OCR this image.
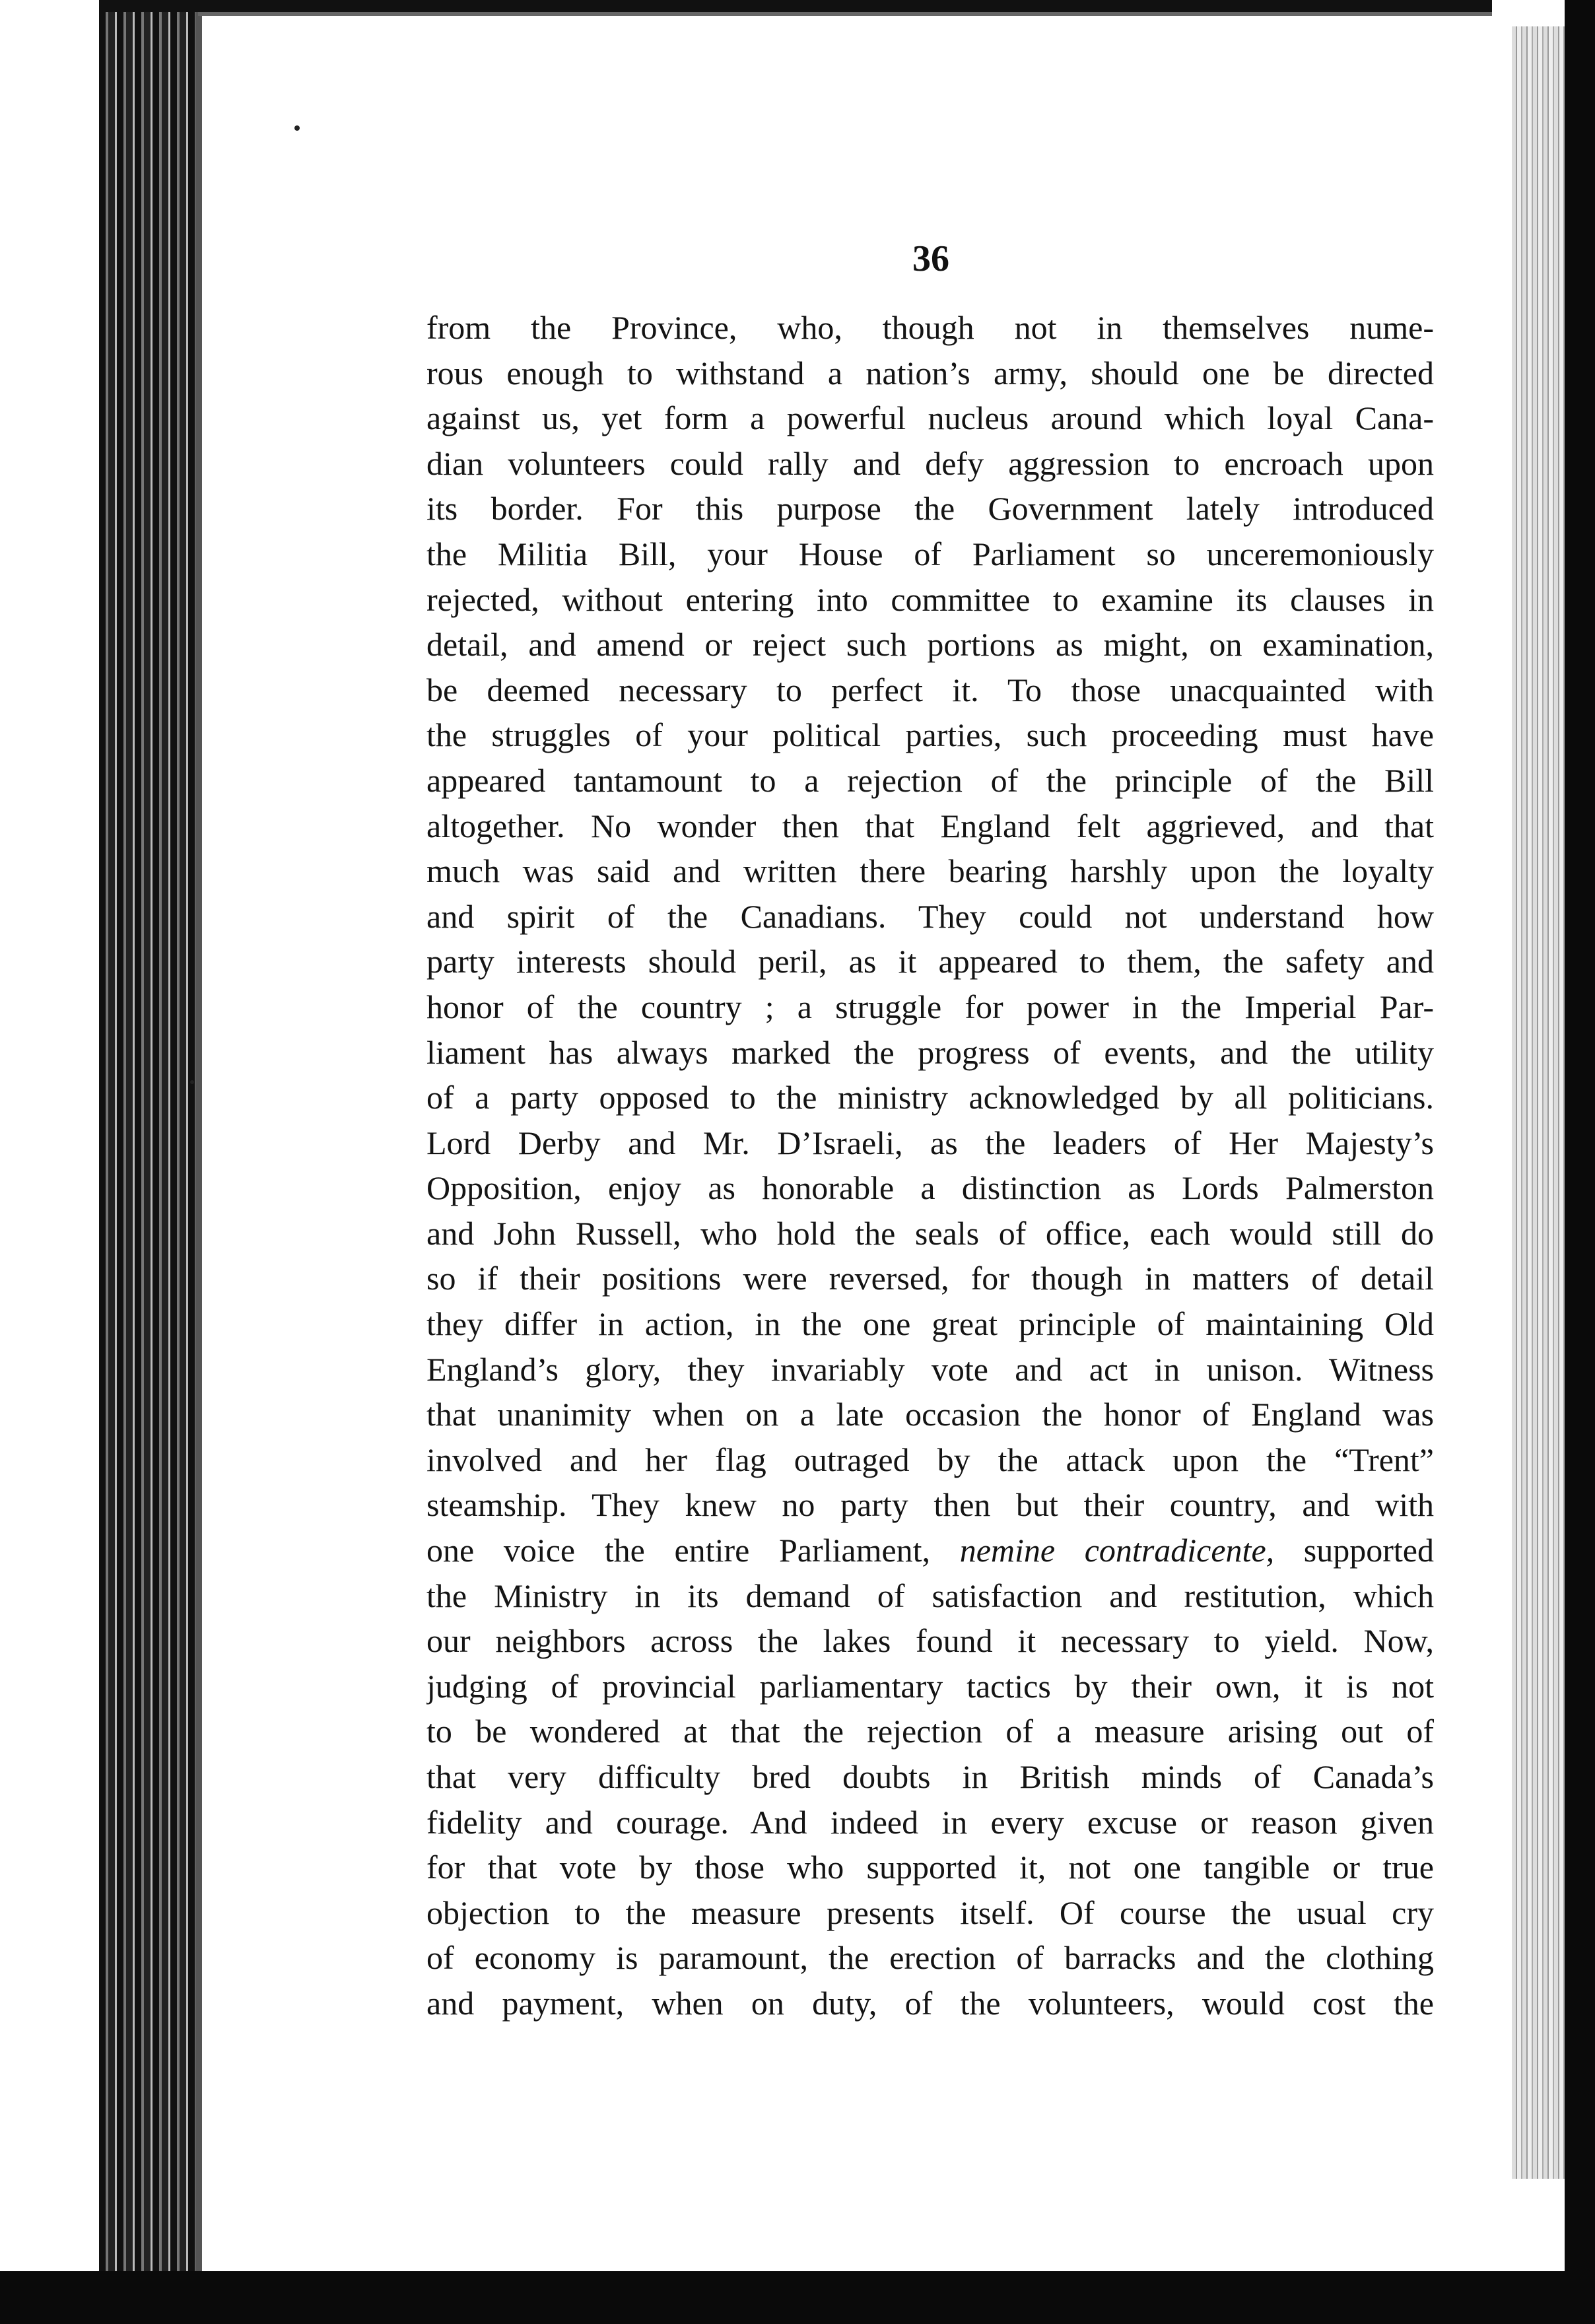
36
from the Province, who, though not in themselves nume-
rous enough to withstand a nation’s army, should one be directed
against us, yet form a powerful nucleus around which loyal Cana-
dian volunteers could rally and defy aggression to encroach upon
its border. For this purpose the Government lately introduced
the Militia Bill, your House of Parliament so unceremoniously
rejected, without entering into committee to examine its clauses in
detail, and amend or reject such portions as might, on examination,
be deemed necessary to perfect it. To those unacquainted with
the struggles of your political parties, such proceeding must have
appeared tantamount to a rejection of the principle of the Bill
altogether. No wonder then that England felt aggrieved, and that
much was said and written there bearing harshly upon the loyalty
and spirit of the Canadians. They could not understand how
party interests should peril, as it appeared to them, the safety and
honor of the country ; a struggle for power in the Imperial Par-
liament has always marked the progress of events, and the utility
of a party opposed to the ministry acknowledged by all politicians.
Lord Derby and Mr. D’Israeli, as the leaders of Her Majesty’s
Opposition, enjoy as honorable a distinction as Lords Palmerston
and John Russell, who hold the seals of office, each would still do
so if their positions were reversed, for though in matters of detail
they differ in action, in the one great principle of maintaining Old
England’s glory, they invariably vote and act in unison. Witness
that unanimity when on a late occasion the honor of England was
involved and her flag outraged by the attack upon the “Trent”
steamship. They knew no party then but their country, and with
one voice the entire Parliament, nemine contradicente, supported
the Ministry in its demand of satisfaction and restitution, which
our neighbors across the lakes found it necessary to yield. Now,
judging of provincial parliamentary tactics by their own, it is not
to be wondered at that the rejection of a measure arising out of
that very difficulty bred doubts in British minds of Canada’s
fidelity and courage. And indeed in every excuse or reason given
for that vote by those who supported it, not one tangible or true
objection to the measure presents itself. Of course the usual cry
of economy is paramount, the erection of barracks and the clothing
and payment, when on duty, of the volunteers, would cost the
